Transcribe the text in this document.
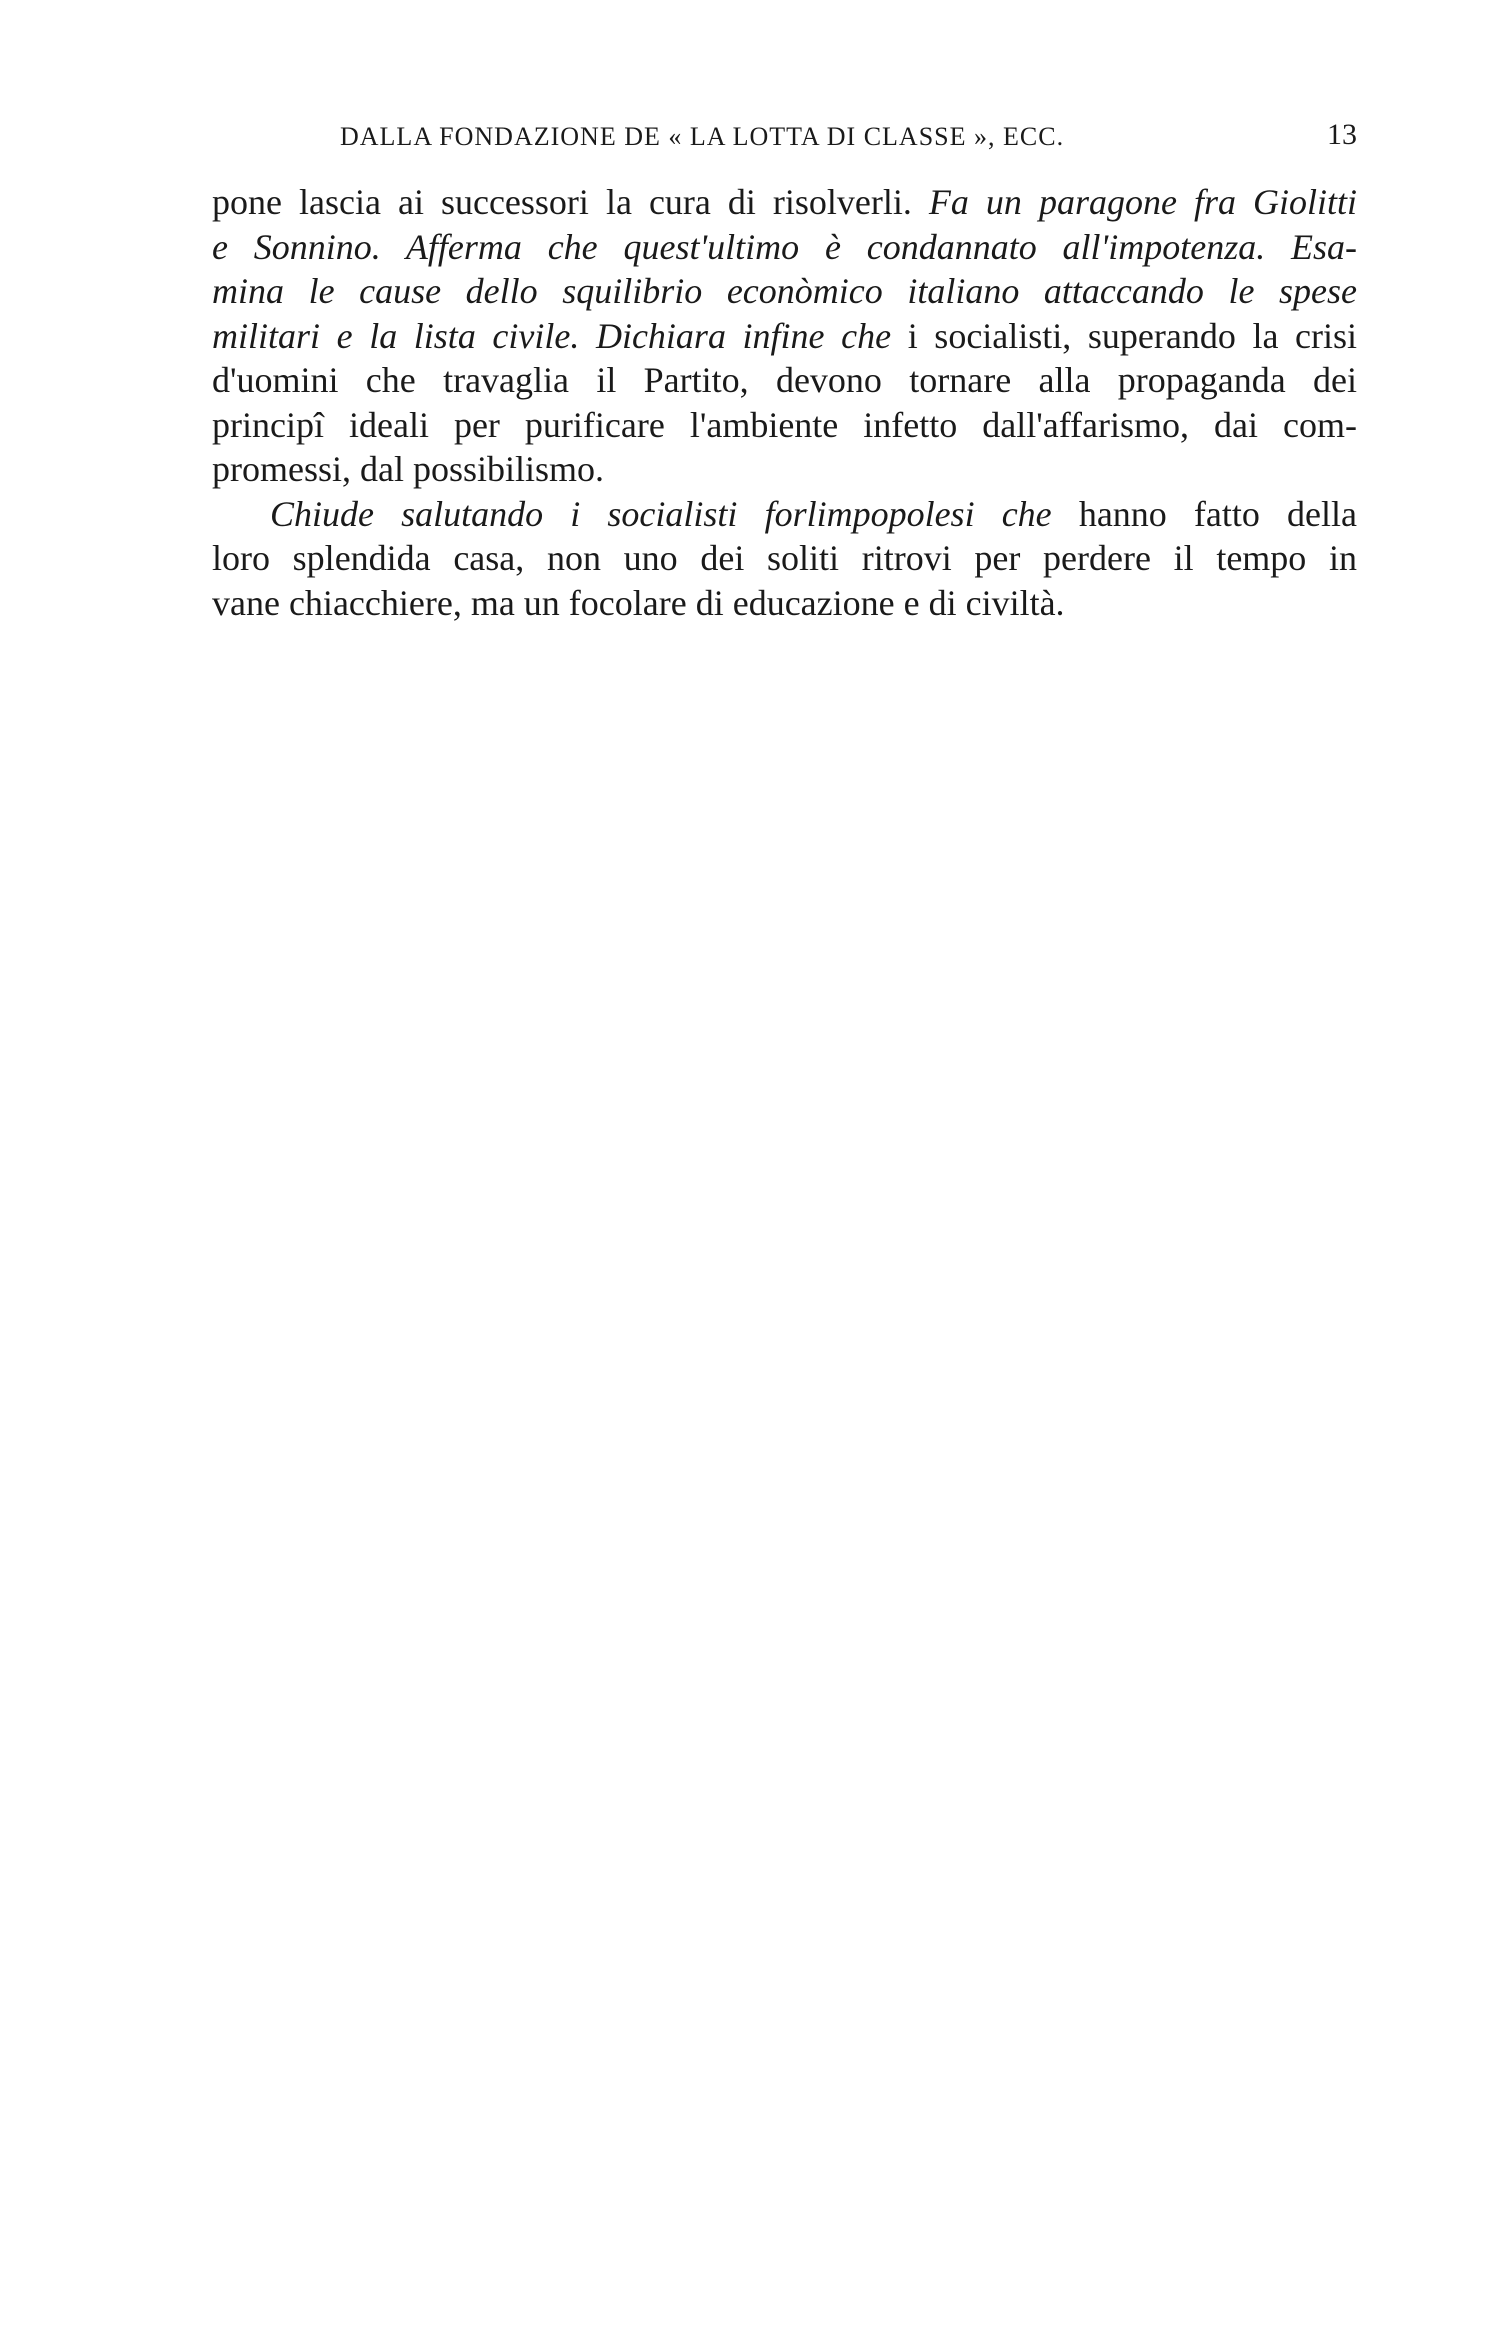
DALLA FONDAZIONE DE « LA LOTTA DI CLASSE », ECC.	13
pone lascia ai successori la cura di risolverli. Fa un paragone fra Giolitti
e Sonnino. Afferma che quest'ultimo è condannato all'impotenza. Esa-
mina le cause dello squilibrio econòmico italiano attaccando le spese
militari e la lista civile. Dichiara infine che i socialisti, superando la crisi
d'uomini che travaglia il Partito, devono tornare alla propaganda dei
principî ideali per purificare l'ambiente infetto dall'affarismo, dai com-
promessi, dal possibilismo.
Chiude salutando i socialisti forlimpopolesi che hanno fatto della
loro splendida casa, non uno dei soliti ritrovi per perdere il tempo in
vane chiacchiere, ma un focolare di educazione e di civiltà.
